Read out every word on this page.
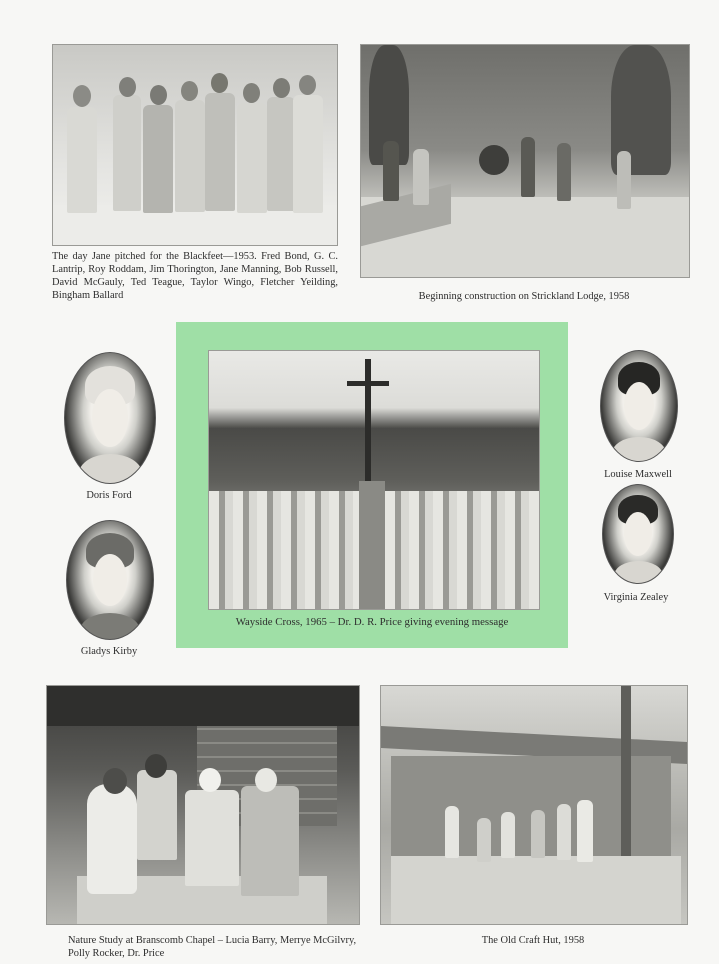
The day Jane pitched for the Blackfeet—1953. Fred Bond, G. C. Lantrip, Roy Roddam, Jim Thorington, Jane Manning, Bob Russell, David McGauly, Ted Teague, Taylor Wingo, Fletcher Yeilding, Bingham Ballard	Beginning construction on Strickland Lodge, 1958
Doris Ford
Gladys Kirby
Wayside Cross, 1965 – Dr. D. R. Price giving evening message
Louise Maxwell
Virginia Zealey
Nature Study at Branscomb Chapel – Lucia Barry, Merrye McGilvry, Polly Rocker, Dr. Price
The Old Craft Hut, 1958
